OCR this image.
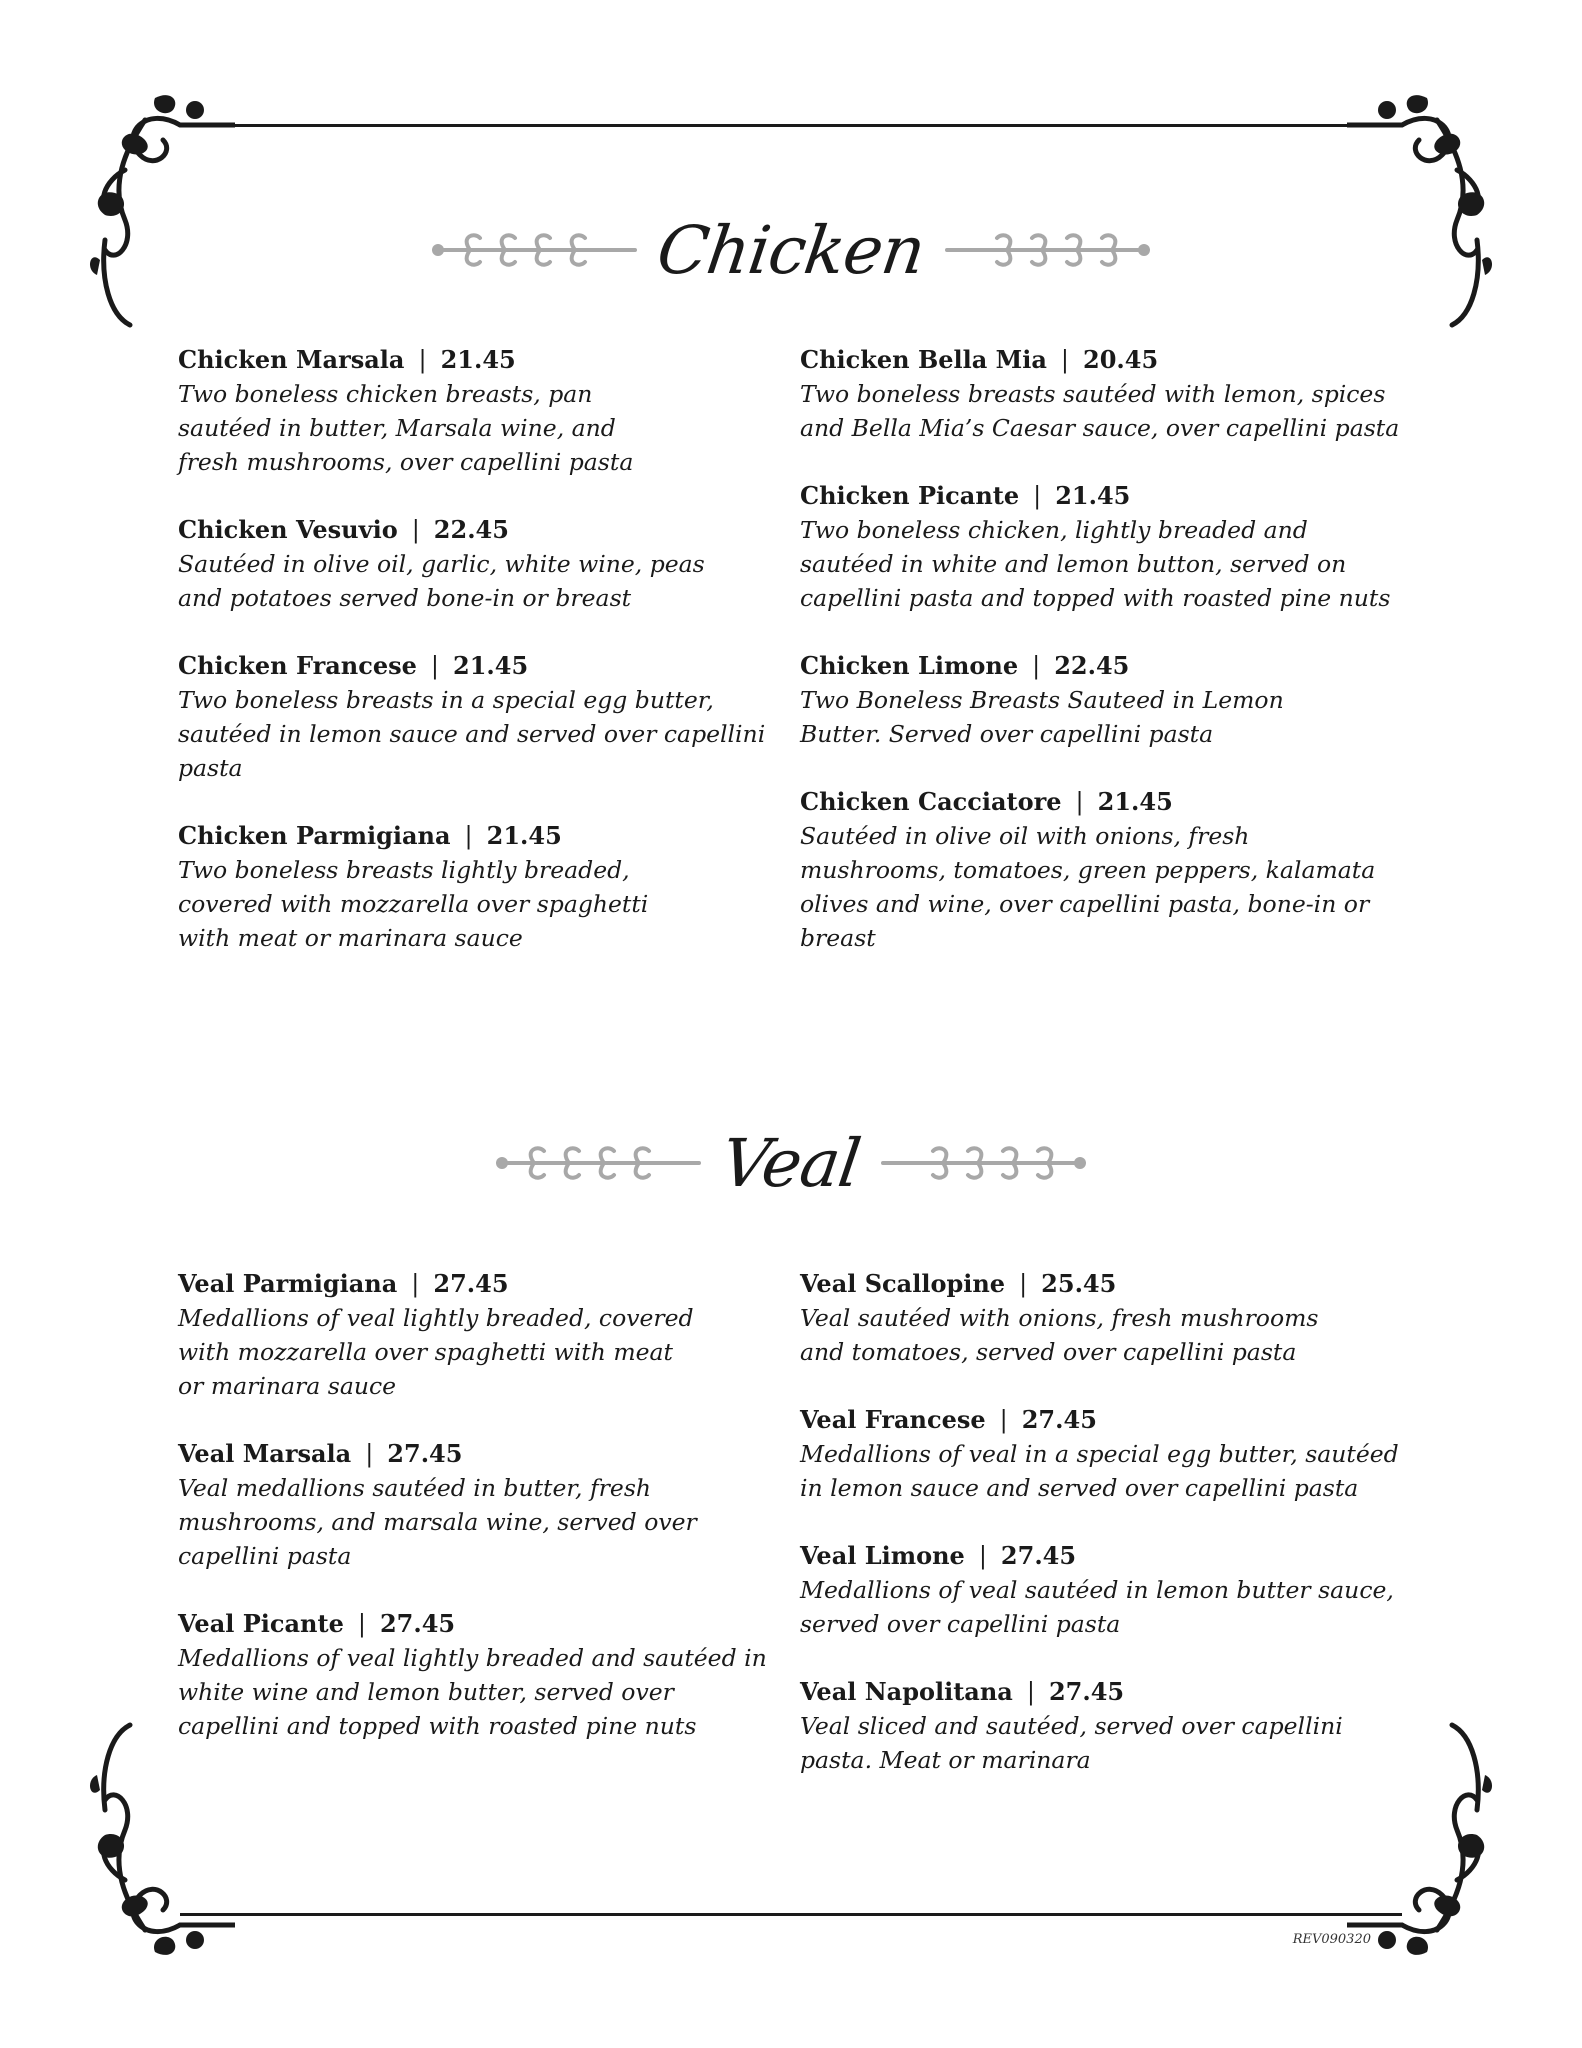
Chicken
Chicken Marsala | 21.45
Two boneless chicken breasts, pan sautéed in butter, Marsala wine, and fresh mushrooms, over capellini pasta
Chicken Vesuvio | 22.45
Sautéed in olive oil, garlic, white wine, peas and potatoes served bone-in or breast
Chicken Francese | 21.45
Two boneless breasts in a special egg butter, sautéed in lemon sauce and served over capellini pasta
Chicken Parmigiana | 21.45
Two boneless breasts lightly breaded, covered with mozzarella over spaghetti with meat or marinara sauce
Chicken Bella Mia | 20.45
Two boneless breasts sautéed with lemon, spices and Bella Mia’s Caesar sauce, over capellini pasta
Chicken Picante | 21.45
Two boneless chicken, lightly breaded and sautéed in white and lemon button, served on capellini pasta and topped with roasted pine nuts
Chicken Limone | 22.45
Two Boneless Breasts Sauteed in Lemon Butter. Served over capellini pasta
Chicken Cacciatore | 21.45
Sautéed in olive oil with onions, fresh mushrooms, tomatoes, green peppers, kalamata olives and wine, over capellini pasta, bone-in or breast
Veal
Veal Parmigiana | 27.45
Medallions of veal lightly breaded, covered with mozzarella over spaghetti with meat or marinara sauce
Veal Marsala | 27.45
Veal medallions sautéed in butter, fresh mushrooms, and marsala wine, served over capellini pasta
Veal Picante | 27.45
Medallions of veal lightly breaded and sautéed in white wine and lemon butter, served over capellini and topped with roasted pine nuts
Veal Scallopine | 25.45
Veal sautéed with onions, fresh mushrooms and tomatoes, served over capellini pasta
Veal Francese | 27.45
Medallions of veal in a special egg butter, sautéed in lemon sauce and served over capellini pasta
Veal Limone | 27.45
Medallions of veal sautéed in lemon butter sauce, served over capellini pasta
Veal Napolitana | 27.45
Veal sliced and sautéed, served over capellini pasta. Meat or marinara
REV090320
